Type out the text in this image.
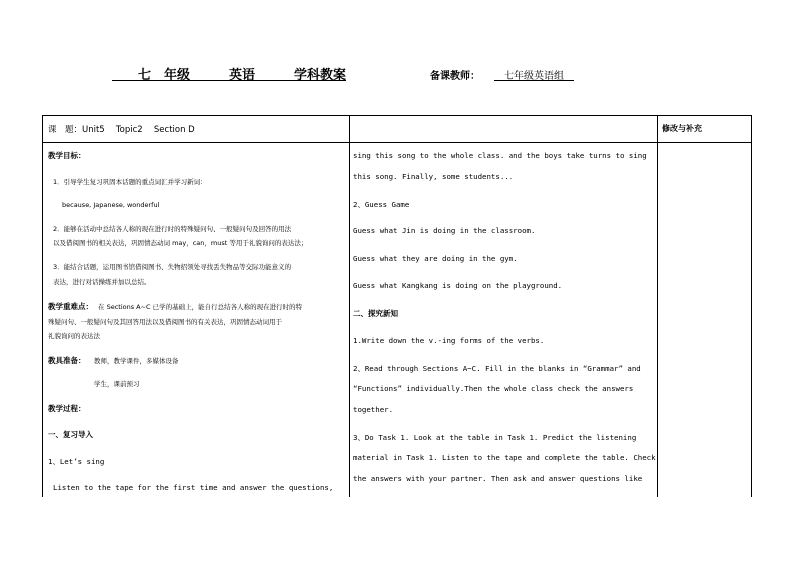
　　七　年级　　　英语　　　学科教案	备课教师： 　七年级英语组　
课　题：Unit5　 Topic2　 Section D	修改与补充
教学目标：
1．引导学生复习巩固本话题的重点词汇并学习新词：
because, Japanese, wonderful
2．能够在活动中总结各人称的现在进行时的特殊疑问句、一般疑问句及回答的用法
以及借阅图书的相关表达，巩固情态动词 may，can，must 等用于礼貌询问的表达法；
3．能结合话题，运用图书馆借阅图书、失物招领处寻找丢失物品等交际功能意义的
表达，进行对话操练并加以总结。
教学重难点： 在 Sections A~C 已学的基础上，能自行总结各人称的现在进行时的特
殊疑问句、一般疑问句及其回答用法以及借阅图书的有关表达，巩固情态动词用于
礼貌询问的表达法
教具准备： 教师，教学课件，多媒体设备
学生，课前预习
教学过程：
一、复习导入
1、Let’s sing
Listen to the tape for the first time and answer the questions,
sing this song to the whole class. and the boys take turns to sing
this song. Finally, some students...
2、Guess Game
Guess what Jin is doing in the classroom.
Guess what they are doing in the gym.
Guess what Kangkang is doing on the playground.
二、探究新知
1.Write down the v.-ing forms of the verbs.
2、Read through Sections A~C. Fill in the blanks in “Grammar” and
“Functions” individually.Then the whole class check the answers
together.
3、Do Task 1. Look at the table in Task 1. Predict the listening
material in Task 1. Listen to the tape and complete the table. Check
the answers with your partner. Then ask and answer questions like
